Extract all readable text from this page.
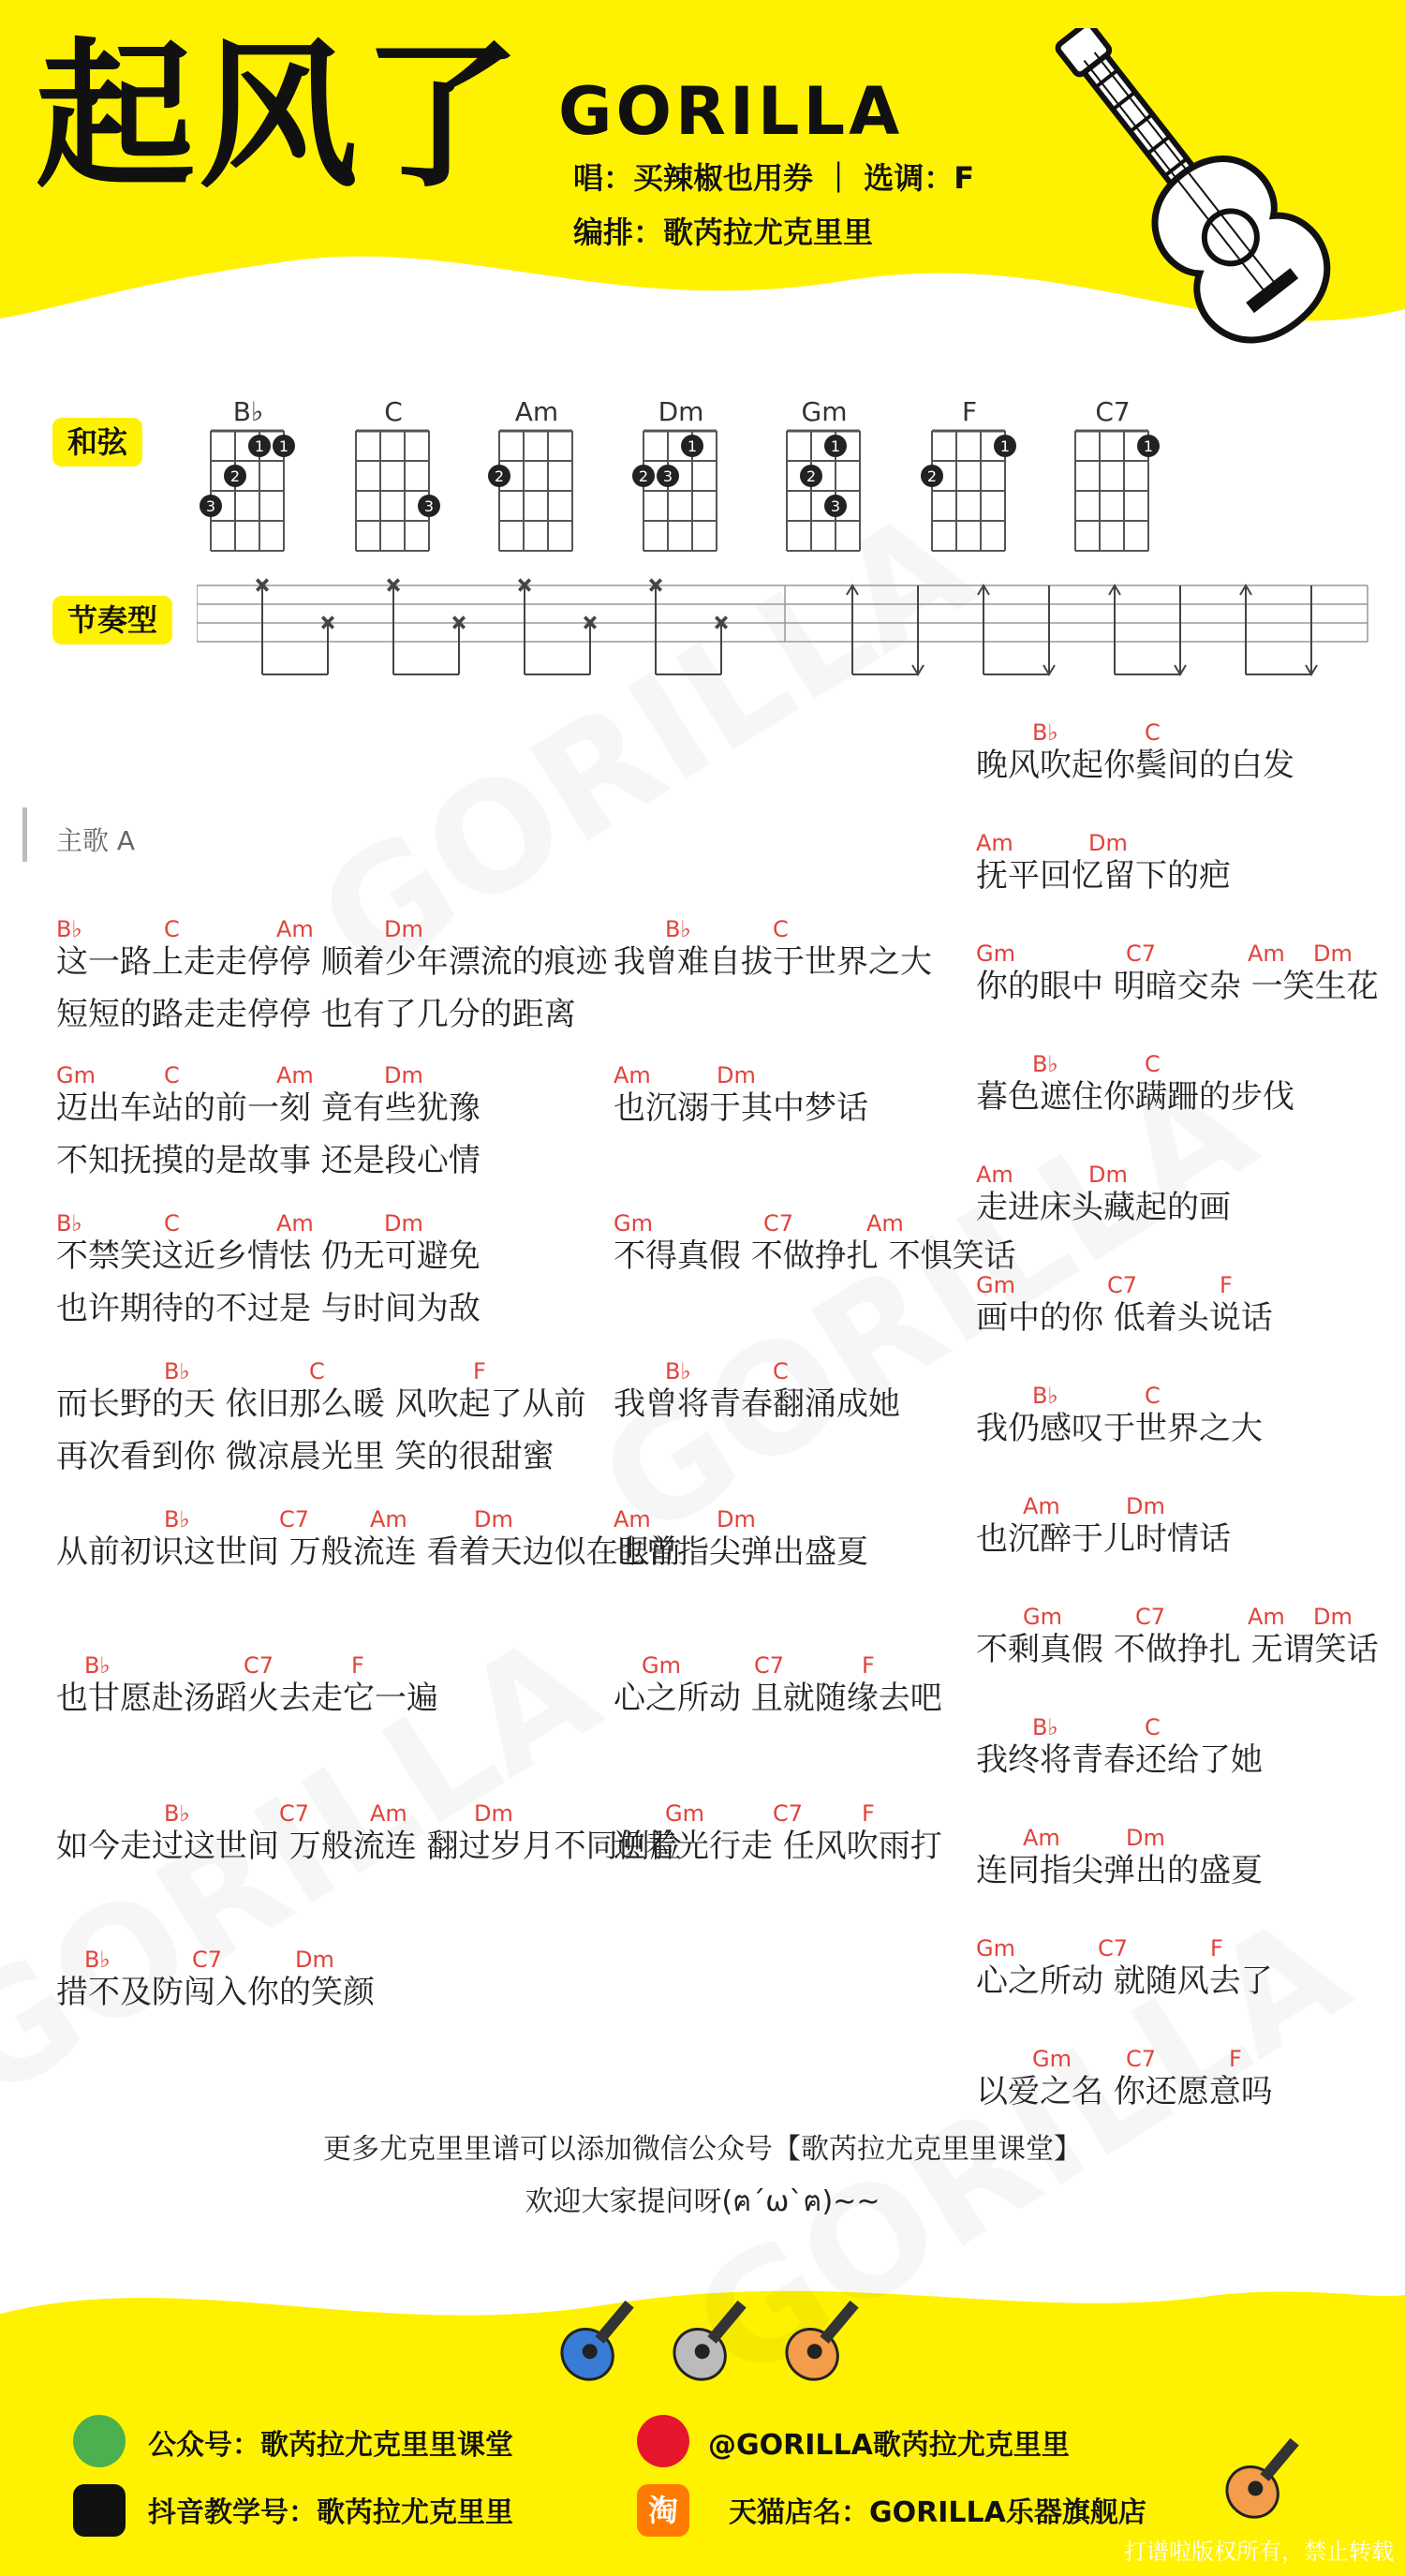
起风了 GORILLA
唱：买辣椒也用券 ｜ 选调：F
编排：歌芮拉尤克里里
和弦
B♭
1
1
2
3
C
3
Am
2
Dm
1
2 3
Gm
1
2
3
F
1
2
C7
1
节奏型
×
×
×
×
×
×
×
×
主歌 A
这一路上走走停停 顺着少年漂流的痕迹
短短的路走走停停 也有了几分的距离
B♭	C	Am	Dm
迈出车站的前一刻 竟有些犹豫
不知抚摸的是故事 还是段心情
Gm	C	Am	Dm
不禁笑这近乡情怯 仍无可避免
也许期待的不过是 与时间为敌
B♭	C	Am	Dm
而长野的天 依旧那么暖 风吹起了从前
再次看到你 微凉晨光里 笑的很甜蜜
B♭	C	F
从前初识这世间 万般流连 看着天边似在眼前
B♭	C7	Am	Dm
也甘愿赴汤蹈火去走它一遍
B♭	C7	F
如今走过这世间 万般流连 翻过岁月不同侧脸
B♭	C7	Am	Dm
措不及防闯入你的笑颜
B♭	C7	Dm
我曾难自拔于世界之大
B♭	C
也沉溺于其中梦话
Am	Dm
不得真假 不做挣扎 不惧笑话
Gm	C7	Am
我曾将青春翻涌成她
B♭	C
也曾指尖弹出盛夏
Am	Dm
心之所动 且就随缘去吧
Gm	C7	F
逆着光行走 任风吹雨打
Gm	C7	F
晚风吹起你鬓间的白发
B♭	C
抚平回忆留下的疤
Am	Dm
你的眼中 明暗交杂 一笑生花
Gm	C7	Am Dm
暮色遮住你蹒跚的步伐
B♭	C
走进床头藏起的画
Am	Dm
画中的你 低着头说话
Gm	C7	F
我仍感叹于世界之大
B♭	C
也沉醉于儿时情话
Am	Dm
不剩真假 不做挣扎 无谓笑话
Gm	C7	Am Dm
我终将青春还给了她
B♭	C
连同指尖弹出的盛夏
Am	Dm
心之所动 就随风去了
Gm	C7	F
以爱之名 你还愿意吗
Gm C7	F
更多尤克里里谱可以添加微信公众号【歌芮拉尤克里里课堂】
欢迎大家提问呀(ฅ´ω`ฅ)~~
公众号：歌芮拉尤克里里课堂	@GORILLA歌芮拉尤克里里
抖音教学号：歌芮拉尤克里里	淘	天猫店名：GORILLA乐器旗舰店
打谱啦版权所有，禁止转载
